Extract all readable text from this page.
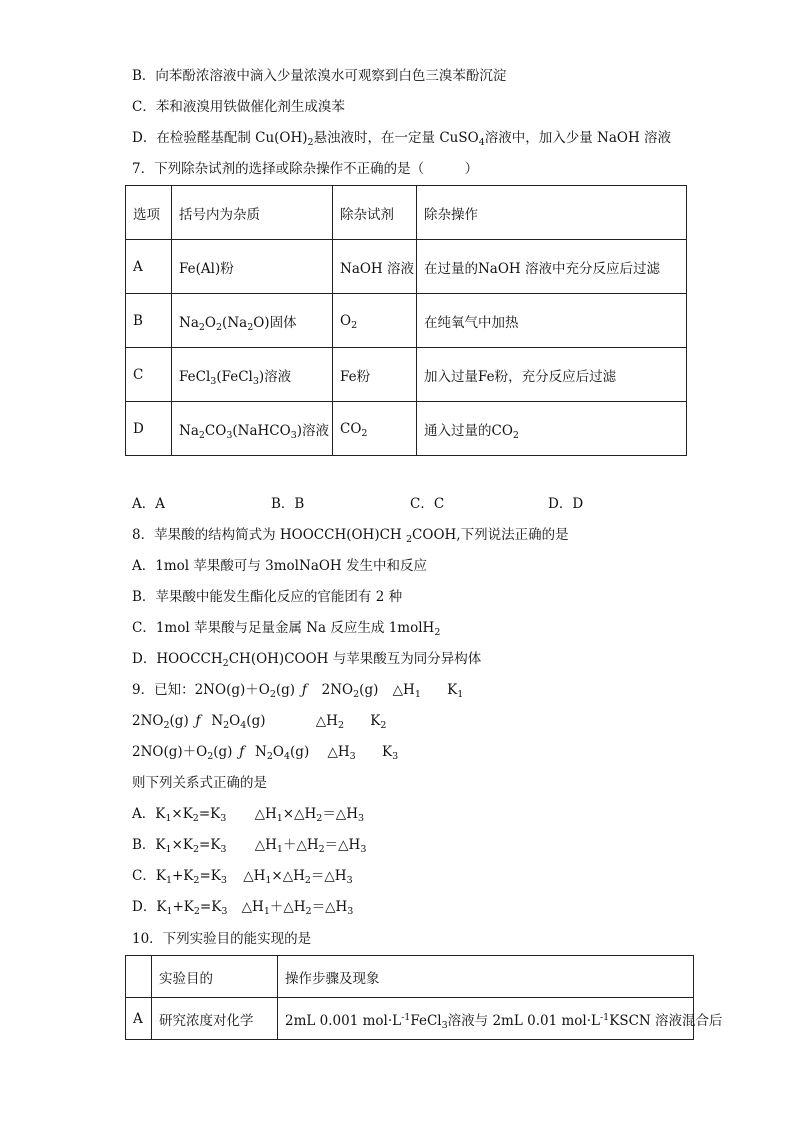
B．向苯酚浓溶液中滴入少量浓溴水可观察到白色三溴苯酚沉淀
C．苯和液溴用铁做催化剂生成溴苯
D．在检验醛基配制 $Cu(OH)_2$悬浊液时，在一定量 CuSO$_4$溶液中，加入少量 NaOH 溶液
7．下列除杂试剂的选择或除杂操作不正确的是（　　　）
选项	括号内为杂质	除杂试剂	除杂操作
A	Fe(Al)粉	NaOH 溶液	在过量的NaOH 溶液中充分反应后过滤
B	$Na_2O_2(Na_2O)$固体	$O_2$	在纯氧气中加热
C	FeCl$_3$(FeCl$_3$)溶液	Fe粉	加入过量Fe粉，充分反应后过滤
D	$Na_2CO_3(NaHCO_3)$溶液	$CO_2$	通入过量的$CO_2$
A．A	B．B	C．C	D．D
8．苹果酸的结构简式为 HOOCCH(OH)CH $_2$COOH,下列说法正确的是
A．1mol 苹果酸可与 3molNaOH 发生中和反应
B．苹果酸中能发生酯化反应的官能团有 2 种
C．1mol 苹果酸与足量金属 Na 反应生成 1molH$_2$
D．$HOOCCH_2CH(OH)COOH$ 与苹果酸互为同分异构体
9．已知：$2NO(g)+O_2(g)$ ƒ $2NO_2(g)$ $\triangle H_1$ $K_1$
$2NO_2(g)$ ƒ $N_2O_4(g)$	$\triangle H_2$ $K_2$
$2NO(g)+O_2(g)$ ƒ $N_2O_4(g)$ $\triangle H_3$ $K_3$
则下列关系式正确的是
A．$K_1\times K_2=K_3$ $\triangle H_1\times\triangle H_2=\triangle H_3$
B．$K_1\times K_2=K_3$ $\triangle H_1+\triangle H_2=\triangle H_3$
C．$K_1+K_2=K_3$ $\triangle H_1\times\triangle H_2=\triangle H_3$
D．$K_1+K_2=K_3$ $\triangle H_1+\triangle H_2=\triangle H_3$
10．下列实验目的能实现的是
	实验目的	操作步骤及现象
A	研究浓度对化学	2mL 0.001 $mol\cdot L^{-1}FeCl_3$溶液与 2mL 0.01 $mol\cdot L^{-1}KSCN$ 溶液混合后
